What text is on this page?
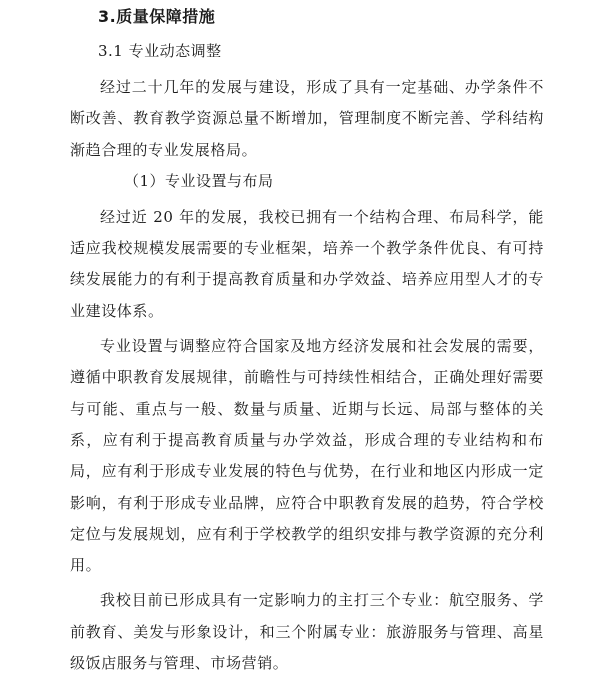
3.质量保障措施
3.1 专业动态调整

经过二十几年的发展与建设，形成了具有一定基础、办学条件不断改善、教育教学资源总量不断增加，管理制度不断完善、学科结构渐趋合理的专业发展格局。

（1）专业设置与布局

经过近 20 年的发展，我校已拥有一个结构合理、布局科学，能适应我校规模发展需要的专业框架，培养一个教学条件优良、有可持续发展能力的有利于提高教育质量和办学效益、培养应用型人才的专业建设体系。

专业设置与调整应符合国家及地方经济发展和社会发展的需要，遵循中职教育发展规律，前瞻性与可持续性相结合，正确处理好需要与可能、重点与一般、数量与质量、近期与长远、局部与整体的关系，应有利于提高教育质量与办学效益，形成合理的专业结构和布局，应有利于形成专业发展的特色与优势，在行业和地区内形成一定影响，有利于形成专业品牌，应符合中职教育发展的趋势，符合学校定位与发展规划，应有利于学校教学的组织安排与教学资源的充分利用。

我校目前已形成具有一定影响力的主打三个专业：航空服务、学前教育、美发与形象设计，和三个附属专业：旅游服务与管理、高星级饭店服务与管理、市场营销。
